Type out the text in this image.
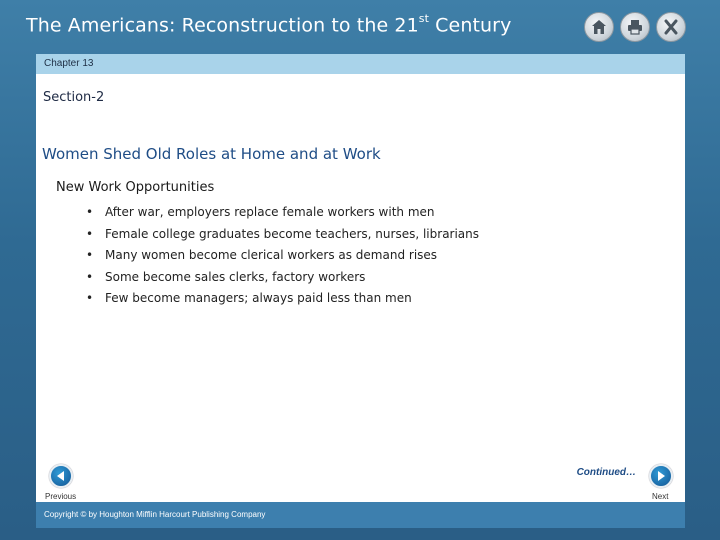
The Americans: Reconstruction to the 21st Century
Chapter 13
Section-2
Women Shed Old Roles at Home and at Work
New Work Opportunities
• After war, employers replace female workers with men
• Female college graduates become teachers, nurses, librarians
• Many women become clerical workers as demand rises
• Some become sales clerks, factory workers
• Few become managers; always paid less than men
Continued…
Previous	Next
Copyright © by Houghton Mifflin Harcourt Publishing Company
